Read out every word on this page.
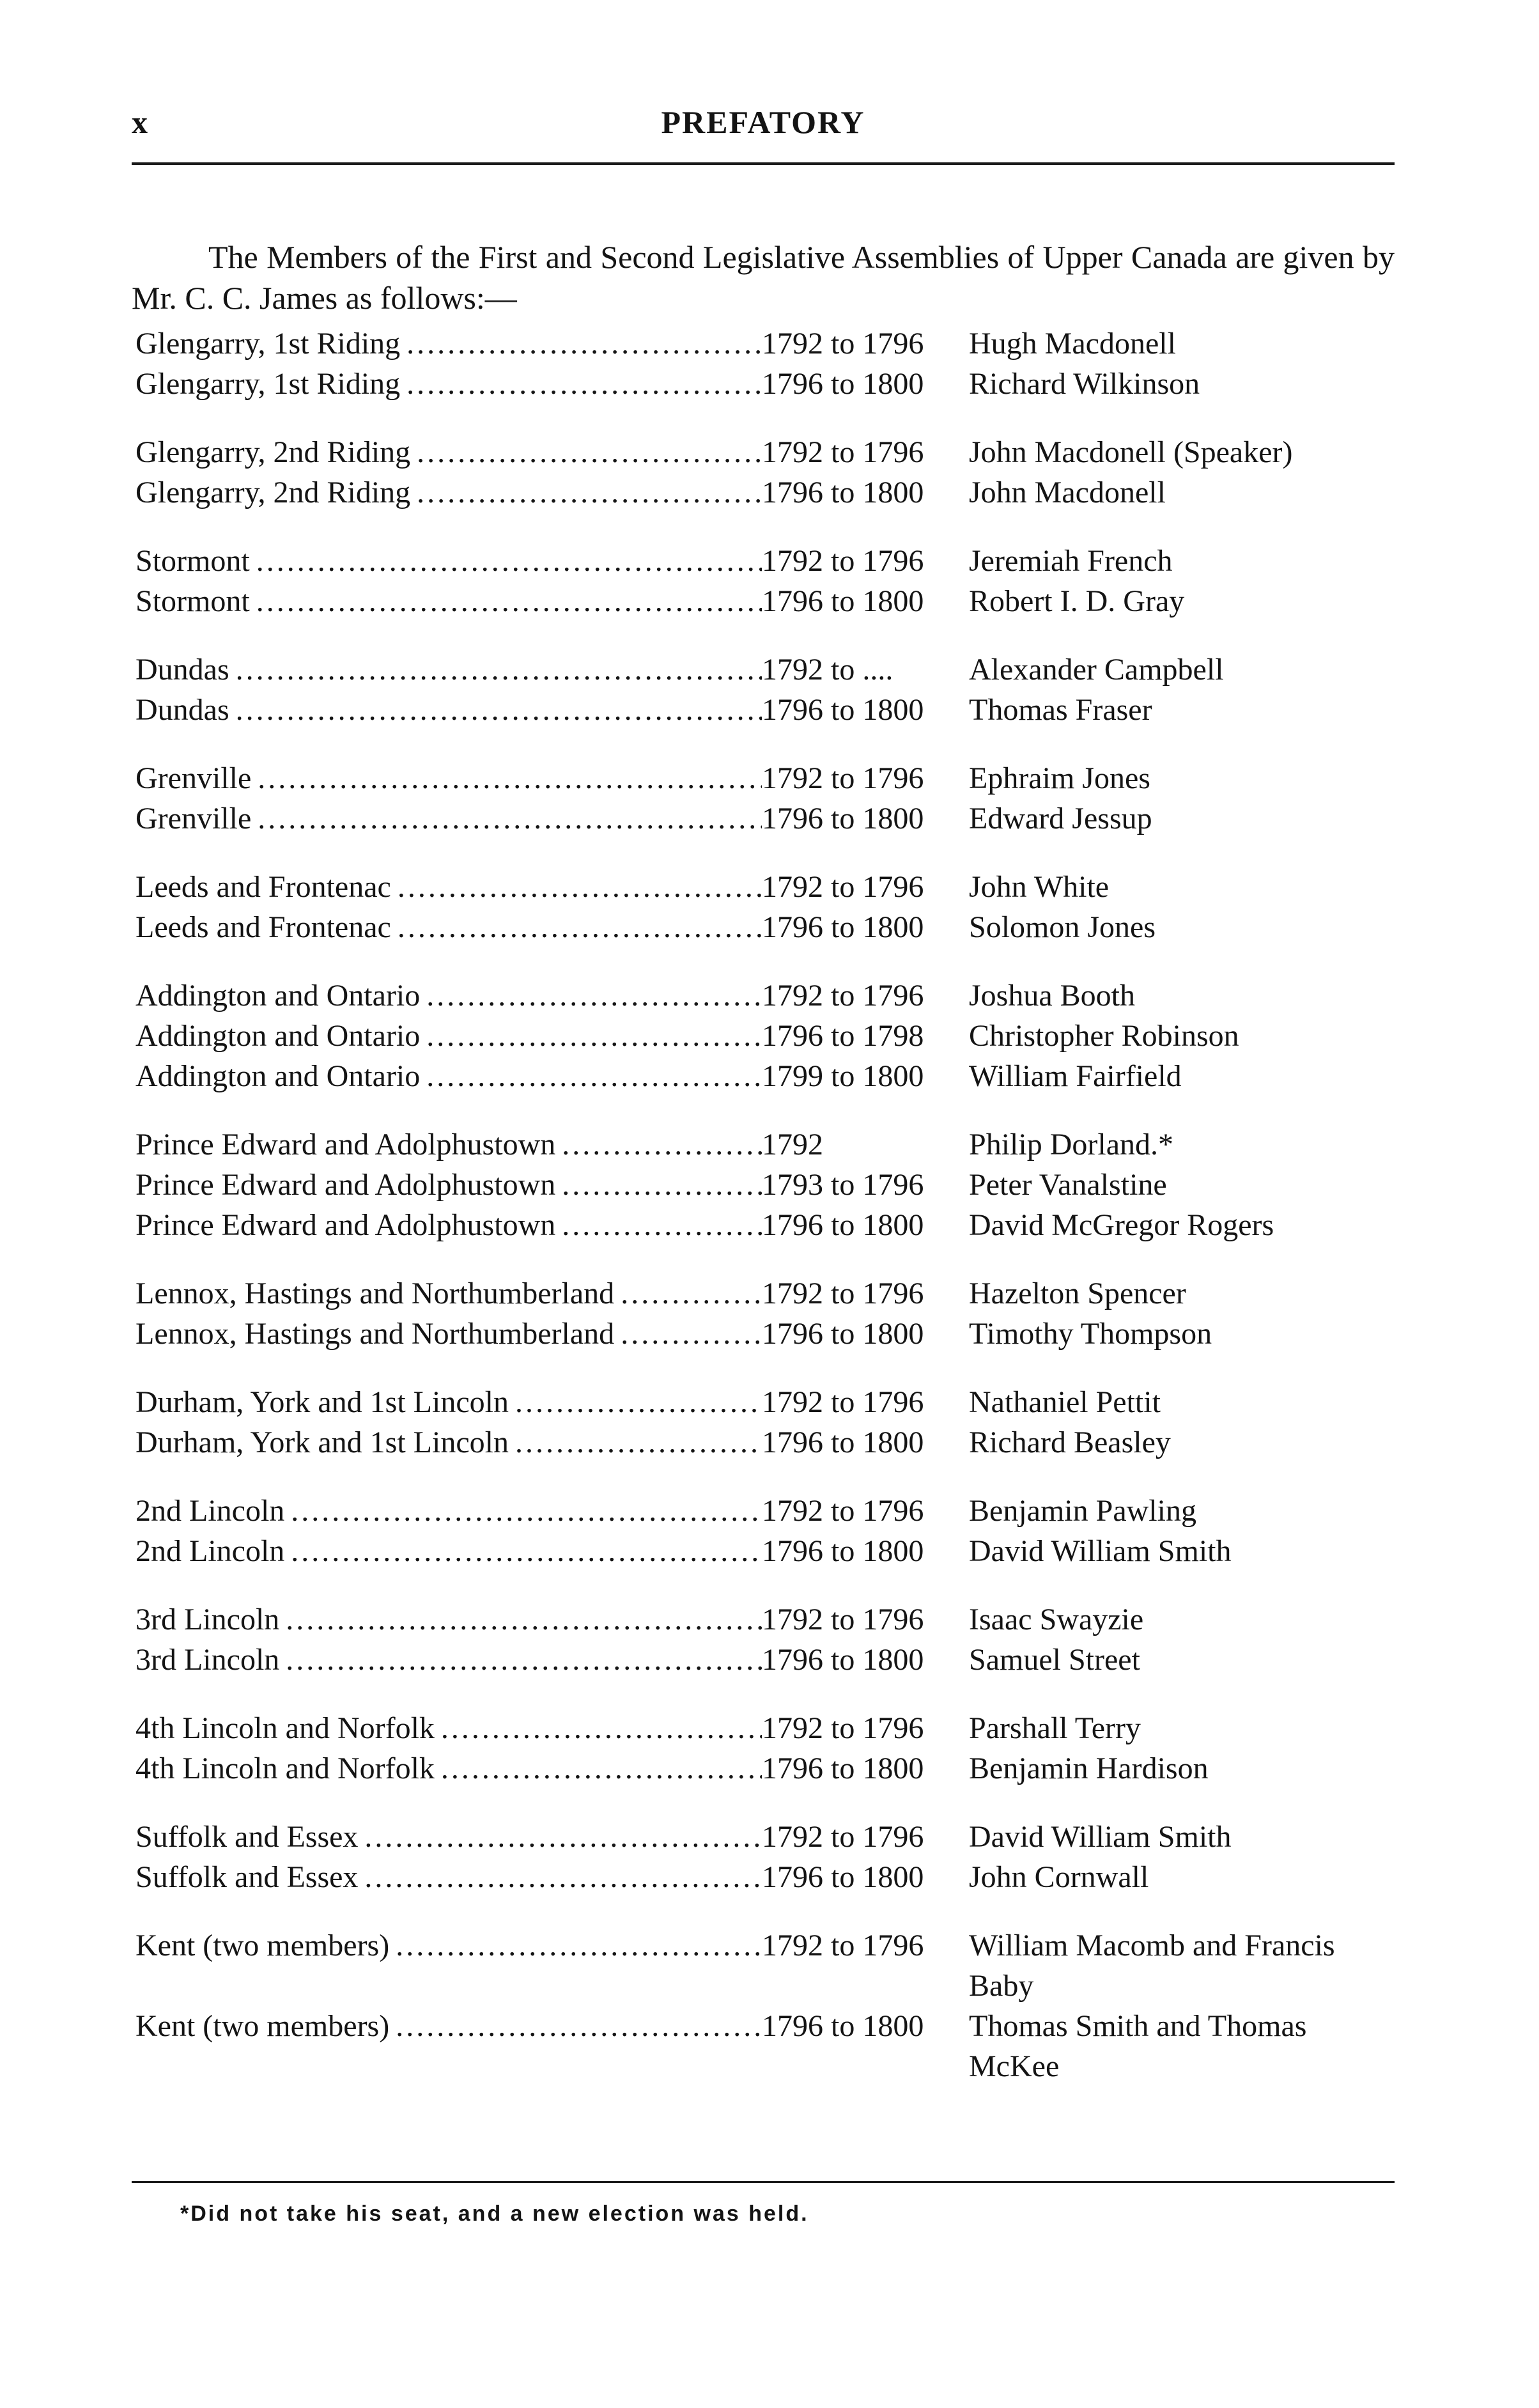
x	PREFATORY

The Members of the First and Second Legislative Assemblies of Upper Canada are given by Mr. C. C. James as follows:—

Glengarry, 1st Riding .....	1792 to 1796	Hugh Macdonell
Glengarry, 1st Riding .....	1796 to 1800	Richard Wilkinson
Glengarry, 2nd Riding .....	1792 to 1796	John Macdonell (Speaker)
Glengarry, 2nd Riding .....	1796 to 1800	John Macdonell
Stormont .....	1792 to 1796	Jeremiah French
Stormont .....	1796 to 1800	Robert I. D. Gray
Dundas .....	1792 to ....	Alexander Campbell
Dundas .....	1796 to 1800	Thomas Fraser
Grenville .....	1792 to 1796	Ephraim Jones
Grenville .....	1796 to 1800	Edward Jessup
Leeds and Frontenac .....	1792 to 1796	John White
Leeds and Frontenac .....	1796 to 1800	Solomon Jones
Addington and Ontario .....	1792 to 1796	Joshua Booth
Addington and Ontario .....	1796 to 1798	Christopher Robinson
Addington and Ontario .....	1799 to 1800	William Fairfield
Prince Edward and Adolphustown .....	1792	Philip Dorland.*
Prince Edward and Adolphustown .....	1793 to 1796	Peter Vanalstine
Prince Edward and Adolphustown .....	1796 to 1800	David McGregor Rogers
Lennox, Hastings and Northumberland .....	1792 to 1796	Hazelton Spencer
Lennox, Hastings and Northumberland .....	1796 to 1800	Timothy Thompson
Durham, York and 1st Lincoln .....	1792 to 1796	Nathaniel Pettit
Durham, York and 1st Lincoln .....	1796 to 1800	Richard Beasley
2nd Lincoln .....	1792 to 1796	Benjamin Pawling
2nd Lincoln .....	1796 to 1800	David William Smith
3rd Lincoln .....	1792 to 1796	Isaac Swayzie
3rd Lincoln .....	1796 to 1800	Samuel Street
4th Lincoln and Norfolk .....	1792 to 1796	Parshall Terry
4th Lincoln and Norfolk .....	1796 to 1800	Benjamin Hardison
Suffolk and Essex .....	1792 to 1796	David William Smith
Suffolk and Essex .....	1796 to 1800	John Cornwall
Kent (two members) .....	1792 to 1796	William Macomb and Francis Baby
Kent (two members) .....	1796 to 1800	Thomas Smith and Thomas McKee
*Did not take his seat, and a new election was held.
